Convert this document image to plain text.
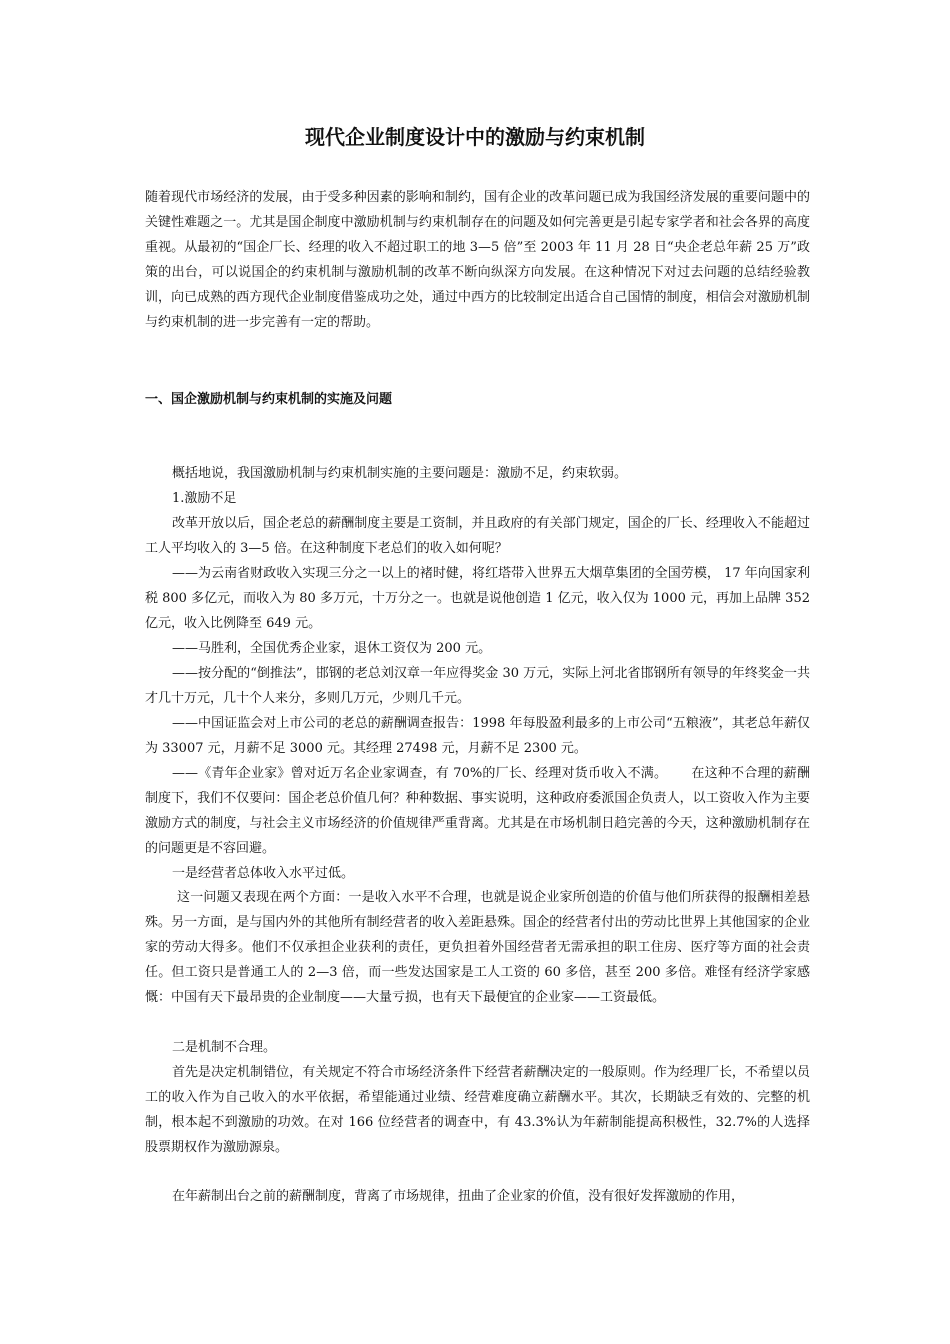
现代企业制度设计中的激励与约束机制

随着现代市场经济的发展，由于受多种因素的影响和制约，国有企业的改革问题已成为我国经济发展的重要问题中的关键性难题之一。尤其是国企制度中激励机制与约束机制存在的问题及如何完善更是引起专家学者和社会各界的高度重视。从最初的“国企厂长、经理的收入不超过职工的地 3—5 倍”至 2003 年 11 月 28 日“央企老总年薪 25 万”政策的出台，可以说国企的约束机制与激励机制的改革不断向纵深方向发展。在这种情况下对过去问题的总结经验教训，向已成熟的西方现代企业制度借鉴成功之处，通过中西方的比较制定出适合自己国情的制度，相信会对激励机制与约束机制的进一步完善有一定的帮助。

一、国企激励机制与约束机制的实施及问题

概括地说，我国激励机制与约束机制实施的主要问题是：激励不足，约束软弱。

1.激励不足

改革开放以后，国企老总的薪酬制度主要是工资制，并且政府的有关部门规定，国企的厂长、经理收入不能超过工人平均收入的 3—5 倍。在这种制度下老总们的收入如何呢？

——为云南省财政收入实现三分之一以上的褚时健，将红塔带入世界五大烟草集团的全国劳模， 17 年向国家利税 800 多亿元，而收入为 80 多万元，十万分之一。也就是说他创造 1 亿元，收入仅为 1000 元，再加上品牌 352 亿元，收入比例降至 649 元。

——马胜利，全国优秀企业家，退休工资仅为 200 元。

——按分配的“倒推法”，邯钢的老总刘汉章一年应得奖金 30 万元，实际上河北省邯钢所有领导的年终奖金一共才几十万元，几十个人来分，多则几万元，少则几千元。

——中国证监会对上市公司的老总的薪酬调查报告：1998 年每股盈利最多的上市公司“五粮液”，其老总年薪仅为 33007 元，月薪不足 3000 元。其经理 27498 元，月薪不足 2300 元。

——《青年企业家》曾对近万名企业家调查，有 70%的厂长、经理对货币收入不满。　　 在这种不合理的薪酬制度下，我们不仅要问：国企老总价值几何？种种数据、事实说明，这种政府委派国企负责人，以工资收入作为主要激励方式的制度，与社会主义市场经济的价值规律严重背离。尤其是在市场机制日趋完善的今天，这种激励机制存在的问题更是不容回避。

一是经营者总体收入水平过低。

这一问题又表现在两个方面：一是收入水平不合理，也就是说企业家所创造的价值与他们所获得的报酬相差悬殊。另一方面，是与国内外的其他所有制经营者的收入差距悬殊。国企的经营者付出的劳动比世界上其他国家的企业家的劳动大得多。他们不仅承担企业获利的责任，更负担着外国经营者无需承担的职工住房、医疗等方面的社会责任。但工资只是普通工人的 2—3 倍，而一些发达国家是工人工资的 60 多倍，甚至 200 多倍。难怪有经济学家感慨：中国有天下最昂贵的企业制度——大量亏损，也有天下最便宜的企业家——工资最低。

二是机制不合理。

首先是决定机制错位，有关规定不符合市场经济条件下经营者薪酬决定的一般原则。作为经理厂长，不希望以员工的收入作为自己收入的水平依据，希望能通过业绩、经营难度确立薪酬水平。其次，长期缺乏有效的、完整的机制，根本起不到激励的功效。在对 166 位经营者的调查中，有 43.3%认为年薪制能提高积极性，32.7%的人选择股票期权作为激励源泉。

在年薪制出台之前的薪酬制度，背离了市场规律，扭曲了企业家的价值，没有很好发挥激励的作用，
